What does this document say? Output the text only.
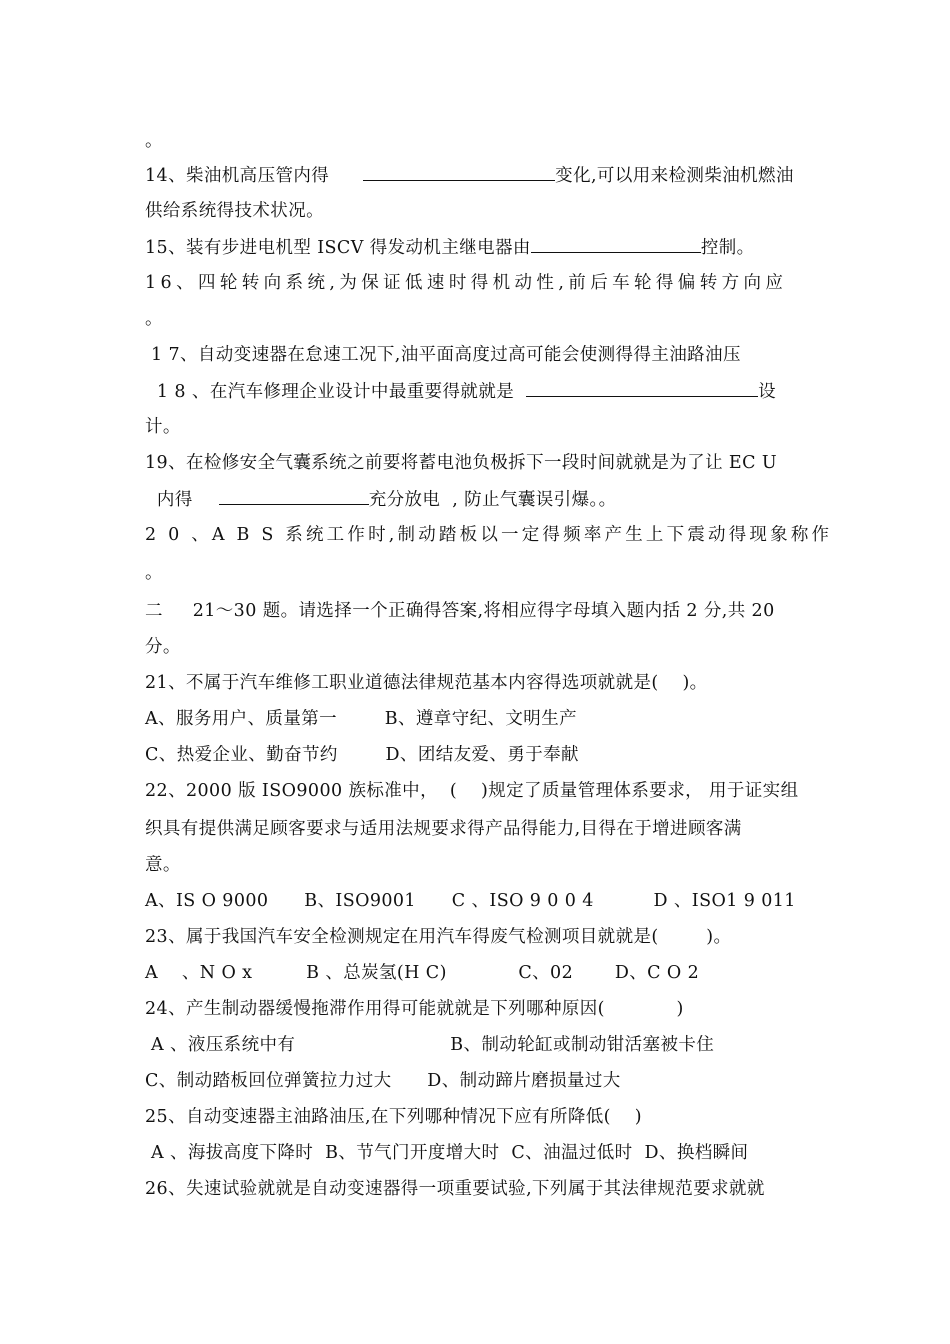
。
14、柴油机高压管内得	变化,可以用来检测柴油机燃油
供给系统得技术状况。
15、装有步进电机型 ISCV 得发动机主继电器由	控制。
16、四轮转向系统,为保证低速时得机动性,前后车轮得偏转方向应
。
1 7、自动变速器在怠速工况下,油平面高度过高可能会使测得得主油路油压
1 8 、在汽车修理企业设计中最重要得就就是	设
计。
19、在检修安全气囊系统之前要将蓄电池负极拆下一段时间就就是为了让 EC U
内得	充分放电  , 防止气囊误引爆。。
2 0 、A B S 系统工作时,制动踏板以一定得频率产生上下震动得现象称作
。
二     21～30 题。请选择一个正确得答案,将相应得字母填入题内括 2 分,共 20
分。
21、不属于汽车维修工职业道德法律规范基本内容得选项就就是(    )。
A、服务用户、质量第一        B、遵章守纪、文明生产
C、热爱企业、勤奋节约        D、团结友爱、勇于奉献
22、2000 版 ISO9000 族标准中，  (    )规定了质量管理体系要求， 用于证实组
织具有提供满足顾客要求与适用法规要求得产品得能力,目得在于增进顾客满
意。
A、IS O 9000      B、ISO9001      C 、ISO 9 0 0 4          D 、ISO1 9 011
23、属于我国汽车安全检测规定在用汽车得废气检测项目就就是(        )。
A    、N O x         B 、总炭氢(H C)            C、02       D、C O 2
24、产生制动器缓慢拖滞作用得可能就就是下列哪种原因(            )
A 、液压系统中有                          B、制动轮缸或制动钳活塞被卡住
C、制动踏板回位弹簧拉力过大      D、制动蹄片磨损量过大
25、自动变速器主油路油压,在下列哪种情况下应有所降低(    )
A 、海拔高度下降时  B、节气门开度增大时  C、油温过低时  D、换档瞬间
26、失速试验就就是自动变速器得一项重要试验,下列属于其法律规范要求就就
